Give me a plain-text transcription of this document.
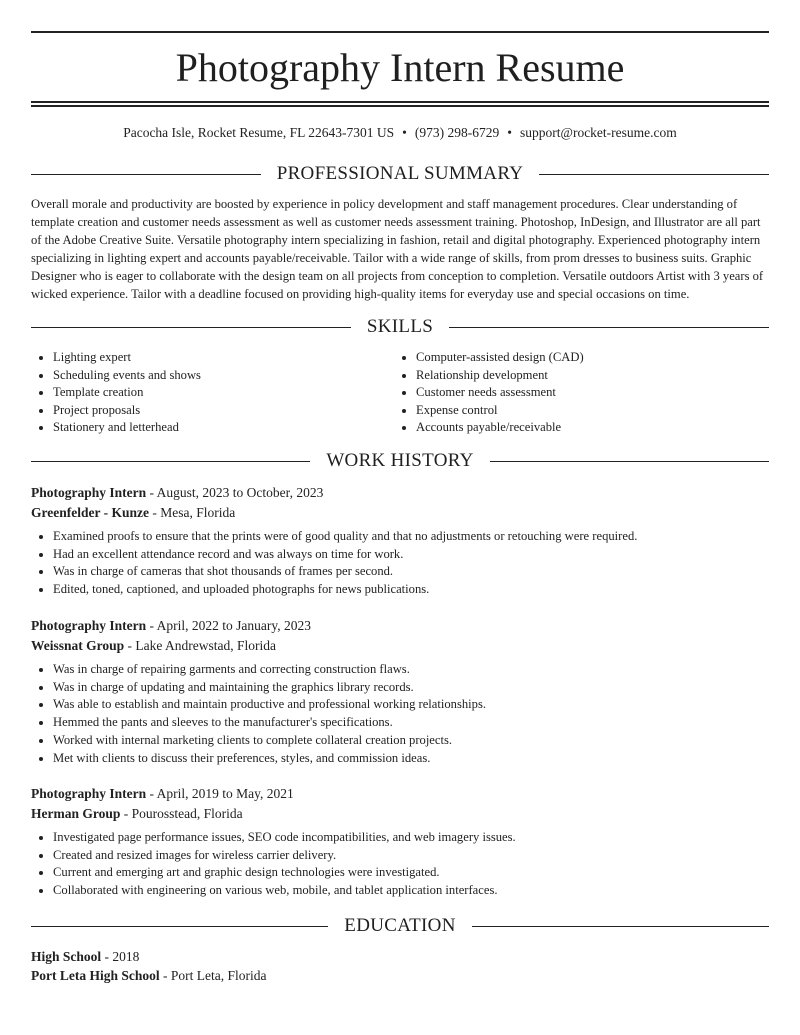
Photography Intern Resume
Pacocha Isle, Rocket Resume, FL 22643-7301 US • (973) 298-6729 • support@rocket-resume.com
PROFESSIONAL SUMMARY

Overall morale and productivity are boosted by experience in policy development and staff management procedures. Clear understanding of template creation and customer needs assessment as well as customer needs assessment training. Photoshop, InDesign, and Illustrator are all part of the Adobe Creative Suite. Versatile photography intern specializing in fashion, retail and digital photography. Experienced photography intern specializing in lighting expert and accounts payable/receivable. Tailor with a wide range of skills, from prom dresses to business suits. Graphic Designer who is eager to collaborate with the design team on all projects from conception to completion. Versatile outdoors Artist with 3 years of wicked experience. Tailor with a deadline focused on providing high-quality items for everyday use and special occasions on time.

SKILLS
• Lighting expert
• Scheduling events and shows
• Template creation
• Project proposals
• Stationery and letterhead
• Computer-assisted design (CAD)
• Relationship development
• Customer needs assessment
• Expense control
• Accounts payable/receivable
WORK HISTORY
Photography Intern - August, 2023 to October, 2023
Greenfelder - Kunze - Mesa, Florida
• Examined proofs to ensure that the prints were of good quality and that no adjustments or retouching were required.
• Had an excellent attendance record and was always on time for work.
• Was in charge of cameras that shot thousands of frames per second.
• Edited, toned, captioned, and uploaded photographs for news publications.
Photography Intern - April, 2022 to January, 2023
Weissnat Group - Lake Andrewstad, Florida
• Was in charge of repairing garments and correcting construction flaws.
• Was in charge of updating and maintaining the graphics library records.
• Was able to establish and maintain productive and professional working relationships.
• Hemmed the pants and sleeves to the manufacturer's specifications.
• Worked with internal marketing clients to complete collateral creation projects.
• Met with clients to discuss their preferences, styles, and commission ideas.
Photography Intern - April, 2019 to May, 2021
Herman Group - Pourosstead, Florida
• Investigated page performance issues, SEO code incompatibilities, and web imagery issues.
• Created and resized images for wireless carrier delivery.
• Current and emerging art and graphic design technologies were investigated.
• Collaborated with engineering on various web, mobile, and tablet application interfaces.
EDUCATION
High School - 2018
Port Leta High School - Port Leta, Florida
